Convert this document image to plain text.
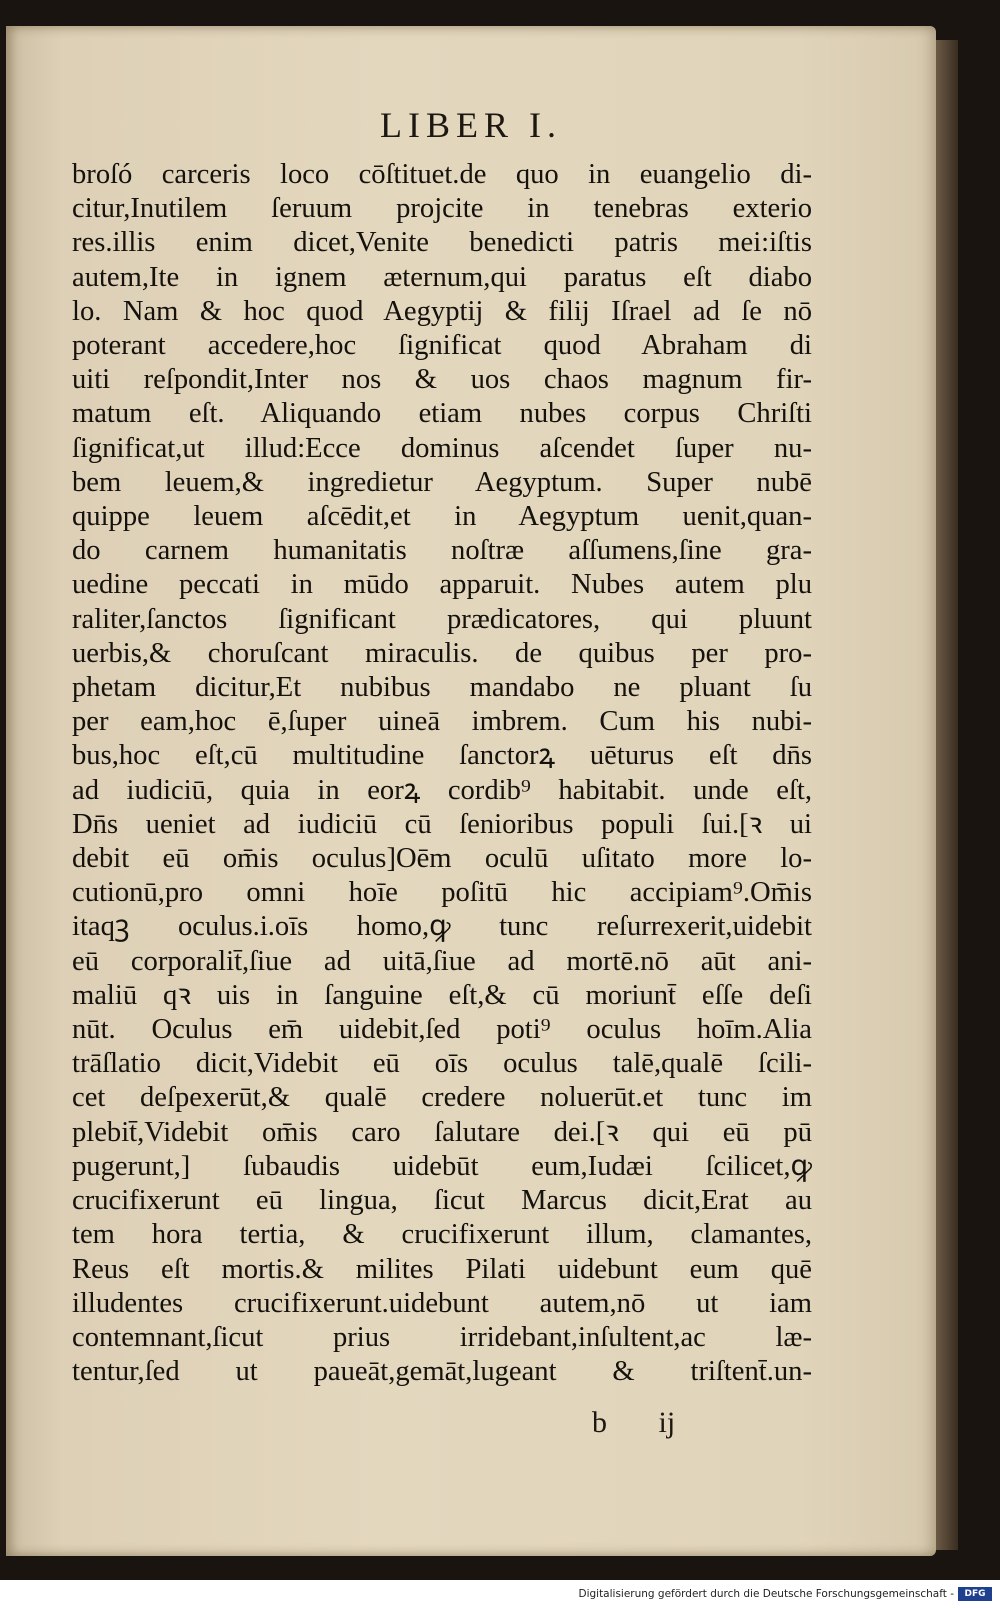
LIBER I.
broſó carceris loco cōſtituet.de quo in euangelio di-
citur,Inutilem ſeruum projcite in tenebras exterio
res.illis enim dicet,Venite benedicti patris mei:iſtis
autem,Ite in ignem æternum,qui paratus eſt diabo
lo. Nam & hoc quod Aegyptij & filij Iſrael ad ſe nō
poterant accedere,hoc ſignificat quod Abraham di
uiti reſpondit,Inter nos & uos chaos magnum fir-
matum eſt. Aliquando etiam nubes corpus Chriſti
ſignificat,ut illud:Ecce dominus aſcendet ſuper nu-
bem leuem,& ingredietur Aegyptum. Super nubē
quippe leuem aſcēdit,et in Aegyptum uenit,quan-
do carnem humanitatis noſtræ aſſumens,ſine gra-
uedine peccati in mūdo apparuit. Nubes autem plu
raliter,ſanctos ſignificant prædicatores, qui pluunt
uerbis,& choruſcant miraculis. de quibus per pro-
phetam dicitur,Et nubibus mandabo ne pluant ſu
per eam,hoc ē,ſuper uineā imbrem. Cum his nubi-
bus,hoc eſt,cū multitudine ſanctorꝝ uēturus eſt dn̄s
ad iudiciū, quia in eorꝝ cordib⁹ habitabit. unde eſt,
Dn̄s ueniet ad iudiciū cū ſenioribus populi ſui.[ꝛ ui
debit eū om̄is oculus]Oēm oculū uſitato more lo-
cutionū,pro omni hoīe poſitū hic accipiam⁹.Om̄is
itaqꝫ oculus.i.oīs homo,ꝙ tunc reſurrexerit,uidebit
eū corporalit̄,ſiue ad uitā,ſiue ad mortē.nō aūt ani-
maliū qꝛ uis in ſanguine eſt,& cū moriunt̄ eſſe deſi
nūt. Oculus em̄ uidebit,ſed poti⁹ oculus hoīm.Alia
trāſlatio dicit,Videbit eū oīs oculus talē,qualē ſcili-
cet deſpexerūt,& qualē credere noluerūt.et tunc im
plebit̄,Videbit om̄is caro ſalutare dei.[ꝛ qui eū pū
pugerunt,] ſubaudis uidebūt eum,Iudæi ſcilicet,ꝙ
crucifixerunt eū lingua, ſicut Marcus dicit,Erat au
tem hora tertia, & crucifixerunt illum, clamantes,
Reus eſt mortis.& milites Pilati uidebunt eum quē
illudentes crucifixerunt.uidebunt autem,nō ut iam
contemnant,ſicut prius irridebant,inſultent,ac læ-
tentur,ſed ut paueāt,gemāt,lugeant & triſtent̄.un-
b ij
Digitalisierung gefördert durch die Deutsche Forschungsgemeinschaft -	DFG
